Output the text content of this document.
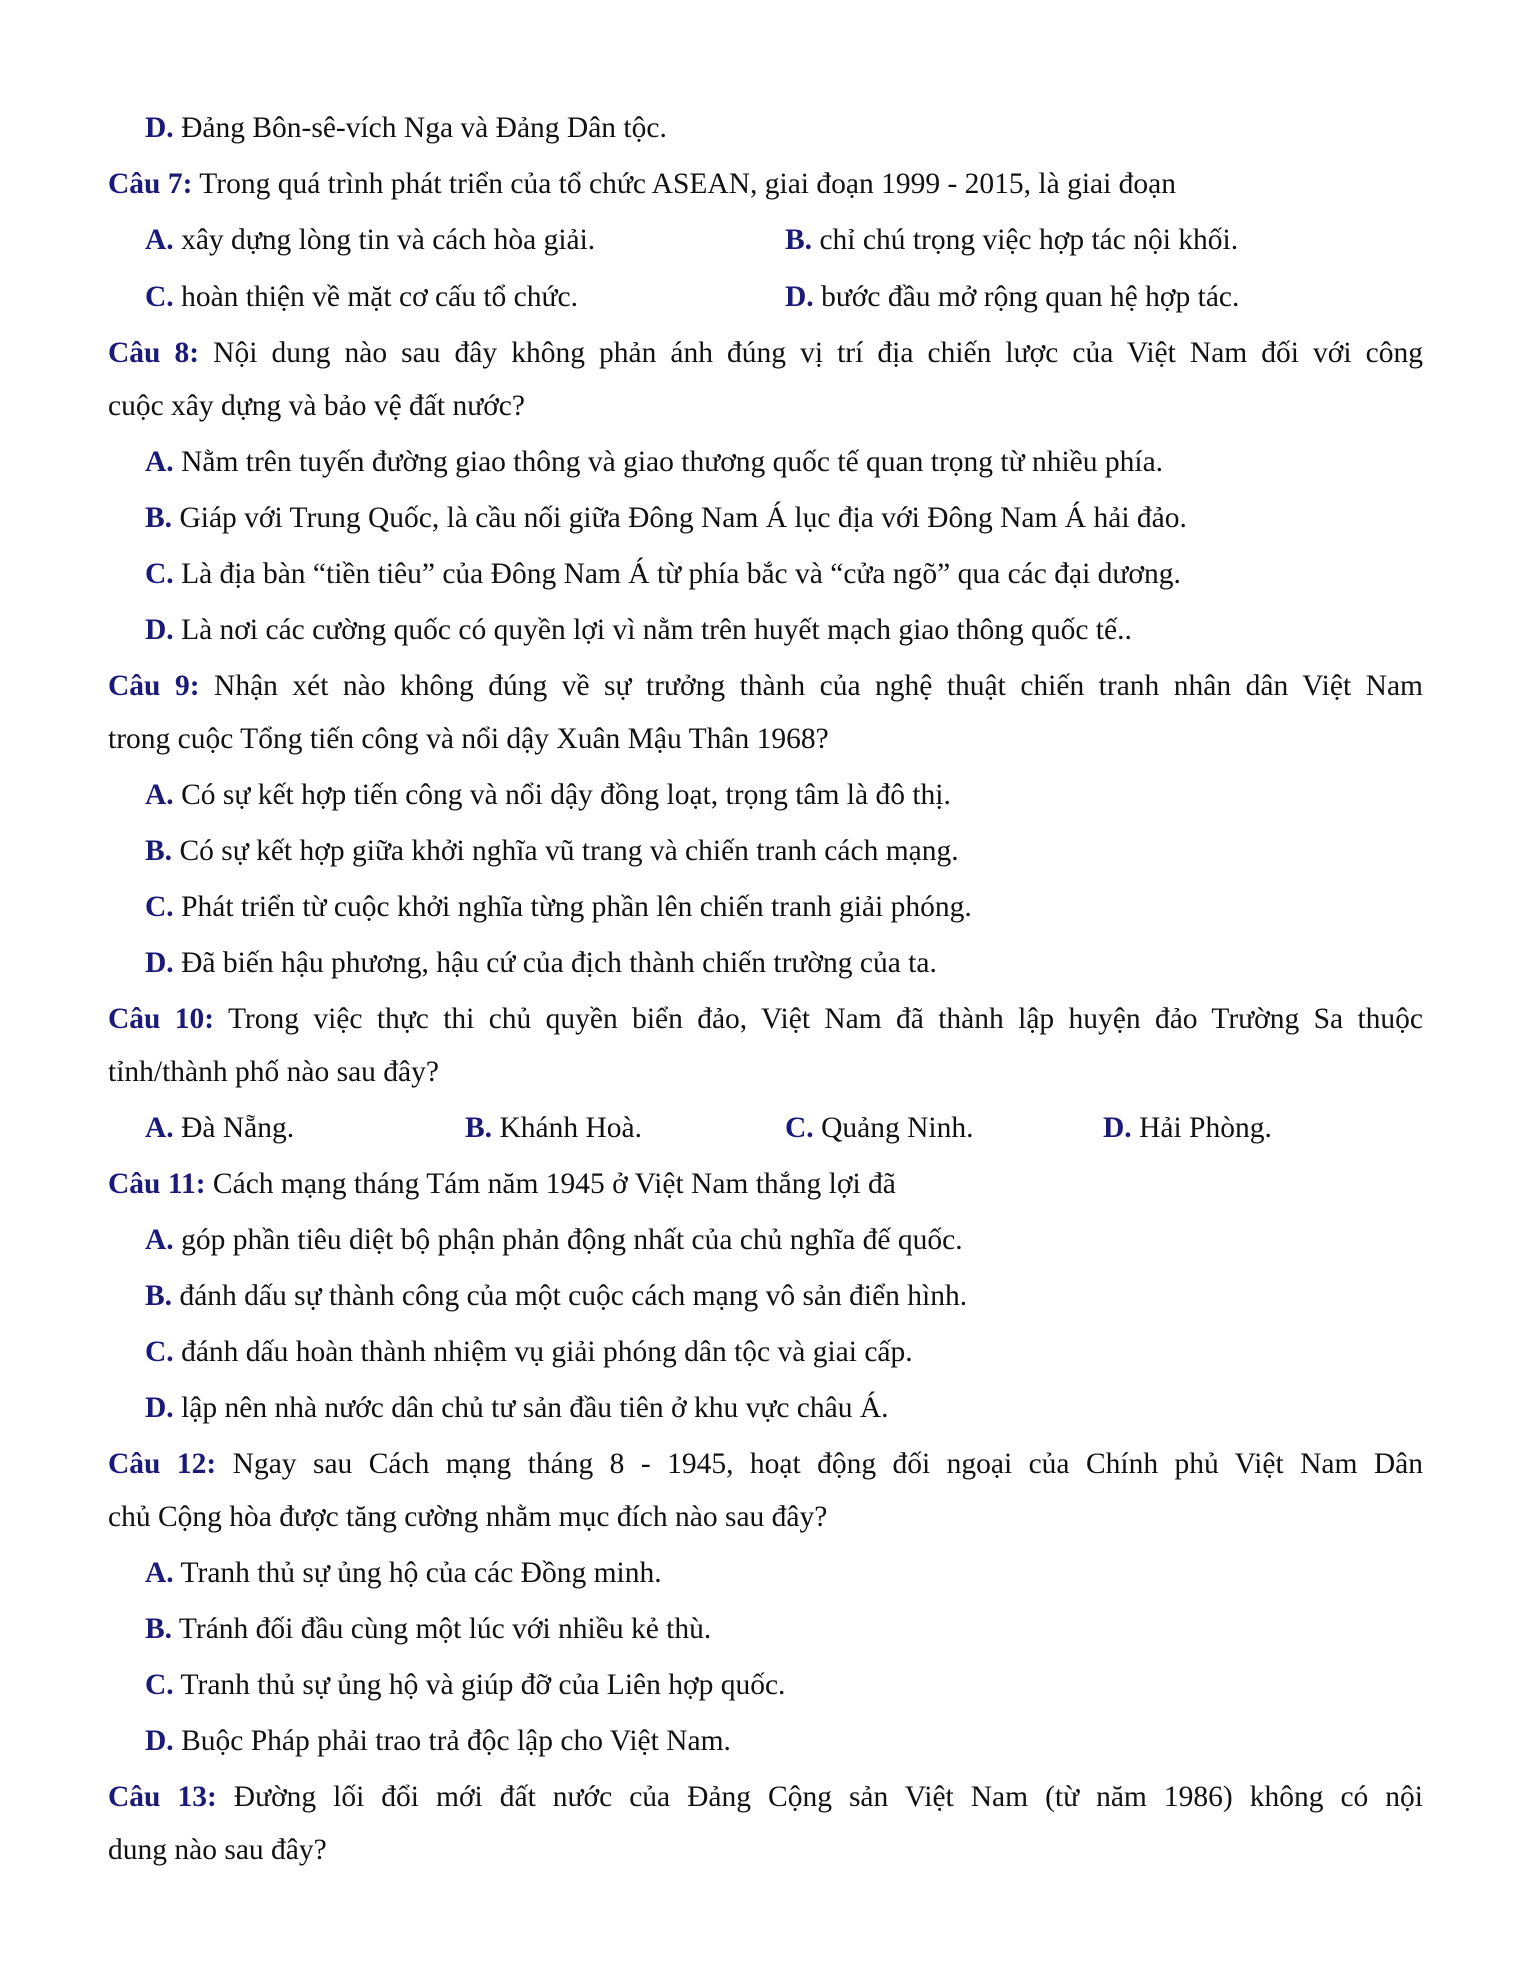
D. Đảng Bôn-sê-vích Nga và Đảng Dân tộc.
Câu 7: Trong quá trình phát triển của tổ chức ASEAN, giai đoạn 1999 - 2015, là giai đoạn
A. xây dựng lòng tin và cách hòa giải.	B. chỉ chú trọng việc hợp tác nội khối.
C. hoàn thiện về mặt cơ cấu tổ chức.	D. bước đầu mở rộng quan hệ hợp tác.
Câu 8: Nội dung nào sau đây không phản ánh đúng vị trí địa chiến lược của Việt Nam đối với công
cuộc xây dựng và bảo vệ đất nước?
A. Nằm trên tuyến đường giao thông và giao thương quốc tế quan trọng từ nhiều phía.
B. Giáp với Trung Quốc, là cầu nối giữa Đông Nam Á lục địa với Đông Nam Á hải đảo.
C. Là địa bàn “tiền tiêu” của Đông Nam Á từ phía bắc và “cửa ngõ” qua các đại dương.
D. Là nơi các cường quốc có quyền lợi vì nằm trên huyết mạch giao thông quốc tế..
Câu 9: Nhận xét nào không đúng về sự trưởng thành của nghệ thuật chiến tranh nhân dân Việt Nam
trong cuộc Tổng tiến công và nổi dậy Xuân Mậu Thân 1968?
A. Có sự kết hợp tiến công và nổi dậy đồng loạt, trọng tâm là đô thị.
B. Có sự kết hợp giữa khởi nghĩa vũ trang và chiến tranh cách mạng.
C. Phát triển từ cuộc khởi nghĩa từng phần lên chiến tranh giải phóng.
D. Đã biến hậu phương, hậu cứ của địch thành chiến trường của ta.
Câu 10: Trong việc thực thi chủ quyền biển đảo, Việt Nam đã thành lập huyện đảo Trường Sa thuộc
tỉnh/thành phố nào sau đây?
A. Đà Nẵng.	B. Khánh Hoà.	C. Quảng Ninh.	D. Hải Phòng.
Câu 11: Cách mạng tháng Tám năm 1945 ở Việt Nam thắng lợi đã
A. góp phần tiêu diệt bộ phận phản động nhất của chủ nghĩa đế quốc.
B. đánh dấu sự thành công của một cuộc cách mạng vô sản điển hình.
C. đánh dấu hoàn thành nhiệm vụ giải phóng dân tộc và giai cấp.
D. lập nên nhà nước dân chủ tư sản đầu tiên ở khu vực châu Á.
Câu 12: Ngay sau Cách mạng tháng 8 - 1945, hoạt động đối ngoại của Chính phủ Việt Nam Dân
chủ Cộng hòa được tăng cường nhằm mục đích nào sau đây?
A. Tranh thủ sự ủng hộ của các Đồng minh.
B. Tránh đối đầu cùng một lúc với nhiều kẻ thù.
C. Tranh thủ sự ủng hộ và giúp đỡ của Liên hợp quốc.
D. Buộc Pháp phải trao trả độc lập cho Việt Nam.
Câu 13: Đường lối đổi mới đất nước của Đảng Cộng sản Việt Nam (từ năm 1986) không có nội
dung nào sau đây?
